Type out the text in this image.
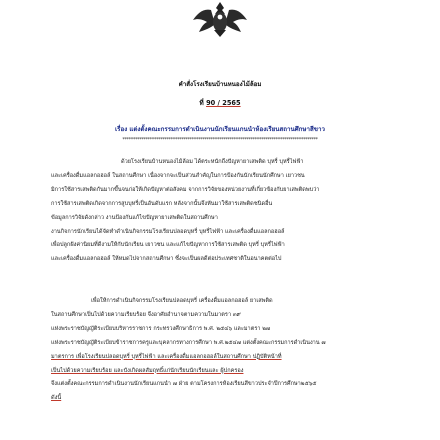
คำสั่งโรงเรียนบ้านหนองไม้ล้อม
ที่ 90 / 2565
เรื่อง แต่งตั้งคณะกรรมการดำเนินงานนักเรียนแกนนำห้องเรียนสถานศึกษาสีขาว
*********************************************************************************************
ด้วยโรงเรียนบ้านหนองไม้ล้อม ได้ตระหนักถึงปัญหายาเสพติด บุหรี่ บุหรี่ไฟฟ้า
และเครื่องดื่มแอลกอฮอล์ ในสถานศึกษา เนื่องจากจะเป็นส่วนสำคัญในการป้องกันนักเรียนนักศึกษา เยาวชน
มิการใช้สารเสพติดกันมากขึ้นจนก่อให้เกิดปัญหาต่อสังคม จากการวิจัยของหน่วยงานที่เกี่ยวข้องกับยาเสพติดพบว่า
การใช้สารเสพติดเกิดจากการสูบบุหรี่เป็นอันดับแรก หลังจากนั้นจึงหันมาใช้สารเสพติดชนิดอื่น
ข้อมูลการวิจัยดังกล่าว งานป้องกันแก้ไขปัญหายาเสพติดในสถานศึกษา
งานกิจการนักเรียนได้จัดทำดำเนินกิจกรรมโรงเรียนปลอดบุหรี่ บุหรี่ไฟฟ้า และเครื่องดื่มแอลกอฮอล์
เพื่อปลูกฝังค่านิยมที่ดีงามให้กับนักเรียน เยาวชน และแก้ไขปัญหาการใช้สารเสพติด บุหรี่ บุหรี่ไฟฟ้า
และเครื่องดื่มแอลกอฮอล์ ให้หมดไปจากสถานศึกษา ซึ่งจะเป็นผลดีต่อประเทศชาติในอนาคตต่อไป
เพื่อให้การดำเนินกิจกรรมโรงเรียนปลอดบุหรี่ เครื่องดื่มแอลกอฮอล์ ยาเสพติด
ในสถานศึกษาเป็นไปด้วยความเรียบร้อย จึงอาศัยอำนาจตามความในมาตรา ๓๙
แห่งพระราชบัญญัติระเบียบบริหารราชการ กระทรวงศึกษาธิการ พ.ศ. ๒๕๔๖ และมาตรา ๒๗
แห่งพระราชบัญญัติระเบียบข้าราชการครูและบุคลากรทางการศึกษา พ.ศ.๒๕๔๗ แต่งตั้งคณะกรรมการดำเนินงาน ๗
มาตรการ เพื่อโรงเรียนปลอดบุหรี่ บุหรี่ไฟฟ้า และเครื่องดื่มแอลกอฮอล์ในสถานศึกษา ปฏิบัติหน้าที่
เป็นไปด้วยความเรียบร้อย และบังเกิดผลสัมฤทธิ์แก่นักเรียนนักเรียนและ ผู้ปกครอง
จึงแต่งตั้งคณะกรรมการดำเนินงานนักเรียนแกนนำ ๗ ฝ่าย ตามโครงการห้องเรียนสีขาวประจำปีการศึกษา๒๕๖๕
ดังนี้
